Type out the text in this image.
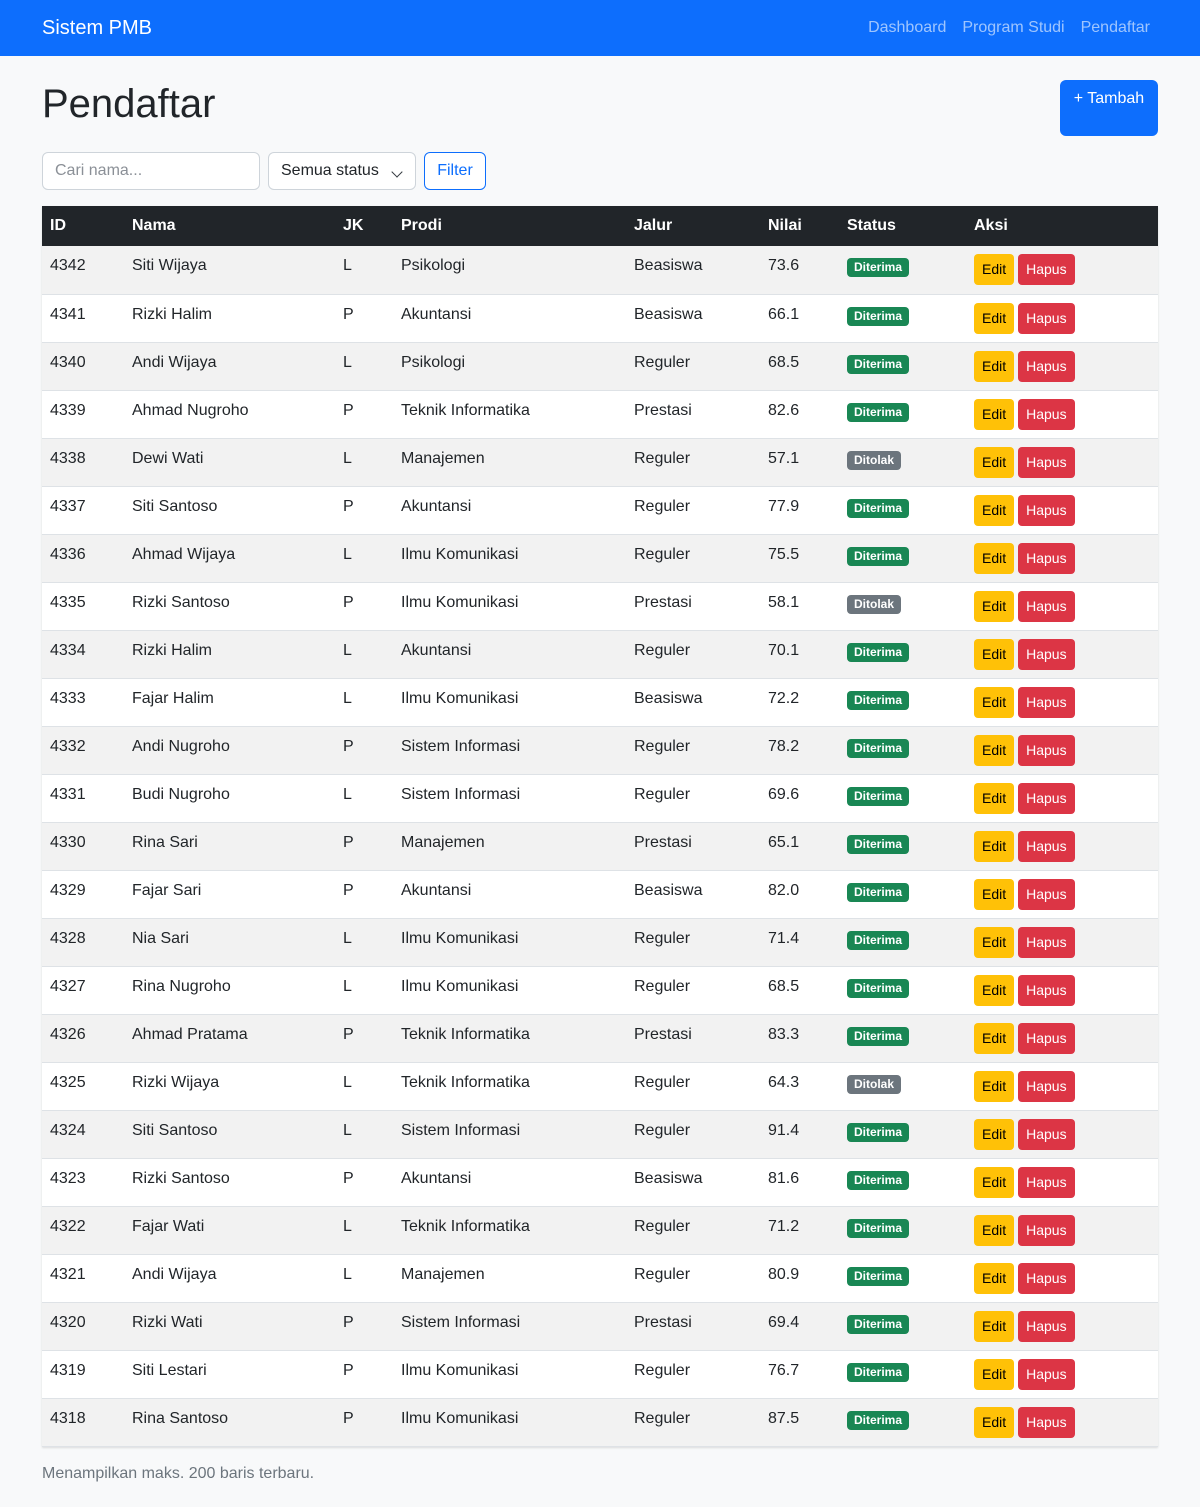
Sistem PMB	Dashboard Program Studi Pendaftar
Pendaftar	+ Tambah
Cari nama...
Semua status	Filter
ID	Nama	JK	Prodi	Jalur	Nilai	Status	Aksi
4342	Siti Wijaya	L	Psikologi	Beasiswa	73.6	Diterima	Edit Hapus
4341	Rizki Halim	P	Akuntansi	Beasiswa	66.1	Diterima	Edit Hapus
4340	Andi Wijaya	L	Psikologi	Reguler	68.5	Diterima	Edit Hapus
4339	Ahmad Nugroho	P	Teknik Informatika	Prestasi	82.6	Diterima	Edit Hapus
4338	Dewi Wati	L	Manajemen	Reguler	57.1	Ditolak	Edit Hapus
4337	Siti Santoso	P	Akuntansi	Reguler	77.9	Diterima	Edit Hapus
4336	Ahmad Wijaya	L	Ilmu Komunikasi	Reguler	75.5	Diterima	Edit Hapus
4335	Rizki Santoso	P	Ilmu Komunikasi	Prestasi	58.1	Ditolak	Edit Hapus
4334	Rizki Halim	L	Akuntansi	Reguler	70.1	Diterima	Edit Hapus
4333	Fajar Halim	L	Ilmu Komunikasi	Beasiswa	72.2	Diterima	Edit Hapus
4332	Andi Nugroho	P	Sistem Informasi	Reguler	78.2	Diterima	Edit Hapus
4331	Budi Nugroho	L	Sistem Informasi	Reguler	69.6	Diterima	Edit Hapus
4330	Rina Sari	P	Manajemen	Prestasi	65.1	Diterima	Edit Hapus
4329	Fajar Sari	P	Akuntansi	Beasiswa	82.0	Diterima	Edit Hapus
4328	Nia Sari	L	Ilmu Komunikasi	Reguler	71.4	Diterima	Edit Hapus
4327	Rina Nugroho	L	Ilmu Komunikasi	Reguler	68.5	Diterima	Edit Hapus
4326	Ahmad Pratama	P	Teknik Informatika	Prestasi	83.3	Diterima	Edit Hapus
4325	Rizki Wijaya	L	Teknik Informatika	Reguler	64.3	Ditolak	Edit Hapus
4324	Siti Santoso	L	Sistem Informasi	Reguler	91.4	Diterima	Edit Hapus
4323	Rizki Santoso	P	Akuntansi	Beasiswa	81.6	Diterima	Edit Hapus
4322	Fajar Wati	L	Teknik Informatika	Reguler	71.2	Diterima	Edit Hapus
4321	Andi Wijaya	L	Manajemen	Reguler	80.9	Diterima	Edit Hapus
4320	Rizki Wati	P	Sistem Informasi	Prestasi	69.4	Diterima	Edit Hapus
4319	Siti Lestari	P	Ilmu Komunikasi	Reguler	76.7	Diterima	Edit Hapus
4318	Rina Santoso	P	Ilmu Komunikasi	Reguler	87.5	Diterima	Edit Hapus
Menampilkan maks. 200 baris terbaru.
